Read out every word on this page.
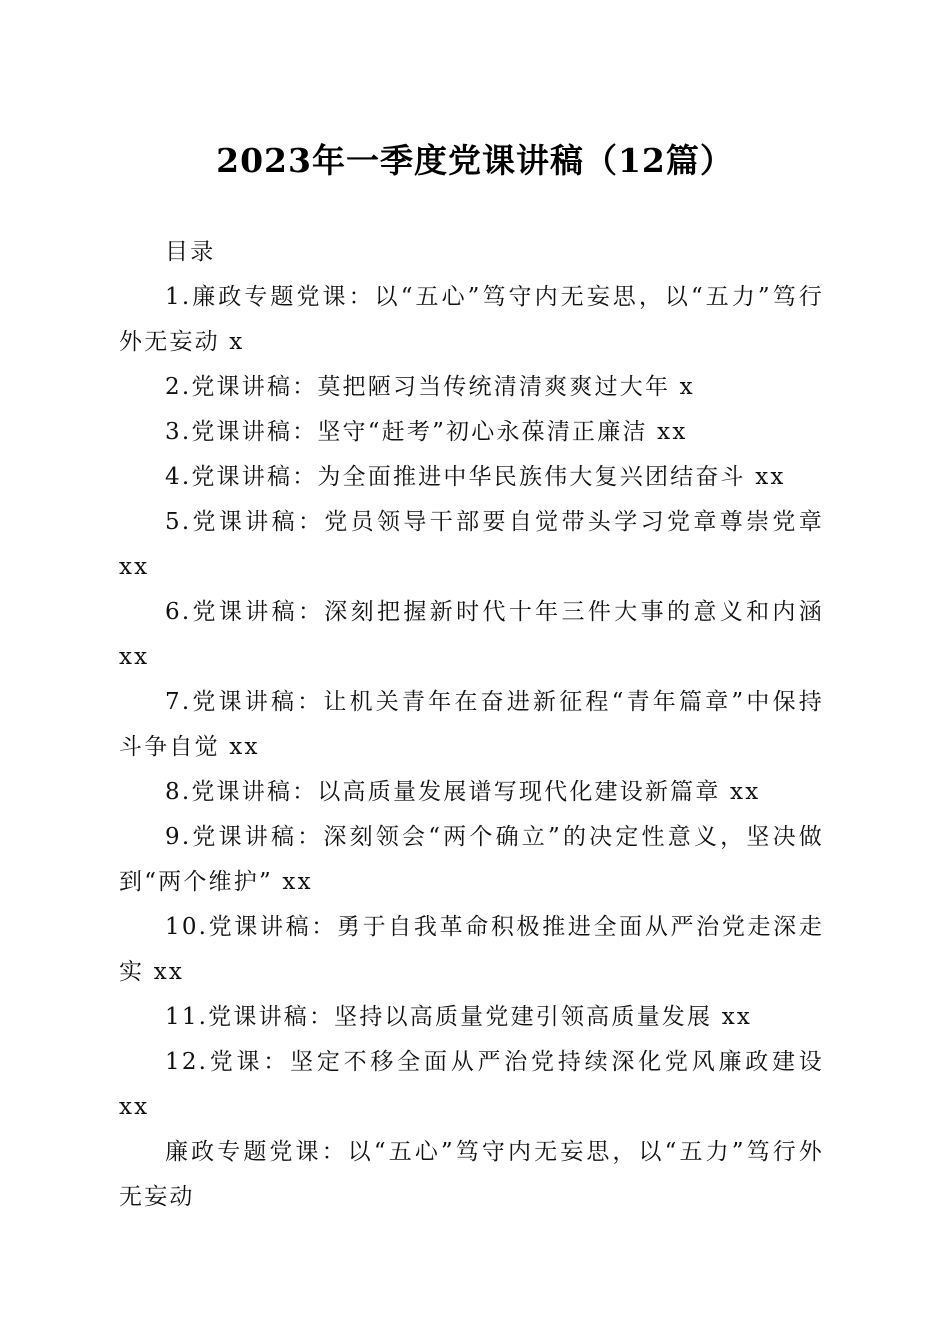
2023年一季度党课讲稿（12篇）

目录

1.廉政专题党课：以“五心”笃守内无妄思，以“五力”笃行外无妄动 x

2.党课讲稿：莫把陋习当传统清清爽爽过大年 x

3.党课讲稿：坚守“赶考”初心永葆清正廉洁 xx

4.党课讲稿：为全面推进中华民族伟大复兴团结奋斗 xx

5.党课讲稿：党员领导干部要自觉带头学习党章尊崇党章 xx

6.党课讲稿：深刻把握新时代十年三件大事的意义和内涵 xx

7.党课讲稿：让机关青年在奋进新征程“青年篇章”中保持斗争自觉 xx

8.党课讲稿：以高质量发展谱写现代化建设新篇章 xx

9.党课讲稿：深刻领会“两个确立”的决定性意义，坚决做到“两个维护” xx

10.党课讲稿：勇于自我革命积极推进全面从严治党走深走实 xx

11.党课讲稿：坚持以高质量党建引领高质量发展 xx

12.党课：坚定不移全面从严治党持续深化党风廉政建设 xx

廉政专题党课：以“五心”笃守内无妄思，以“五力”笃行外无妄动
